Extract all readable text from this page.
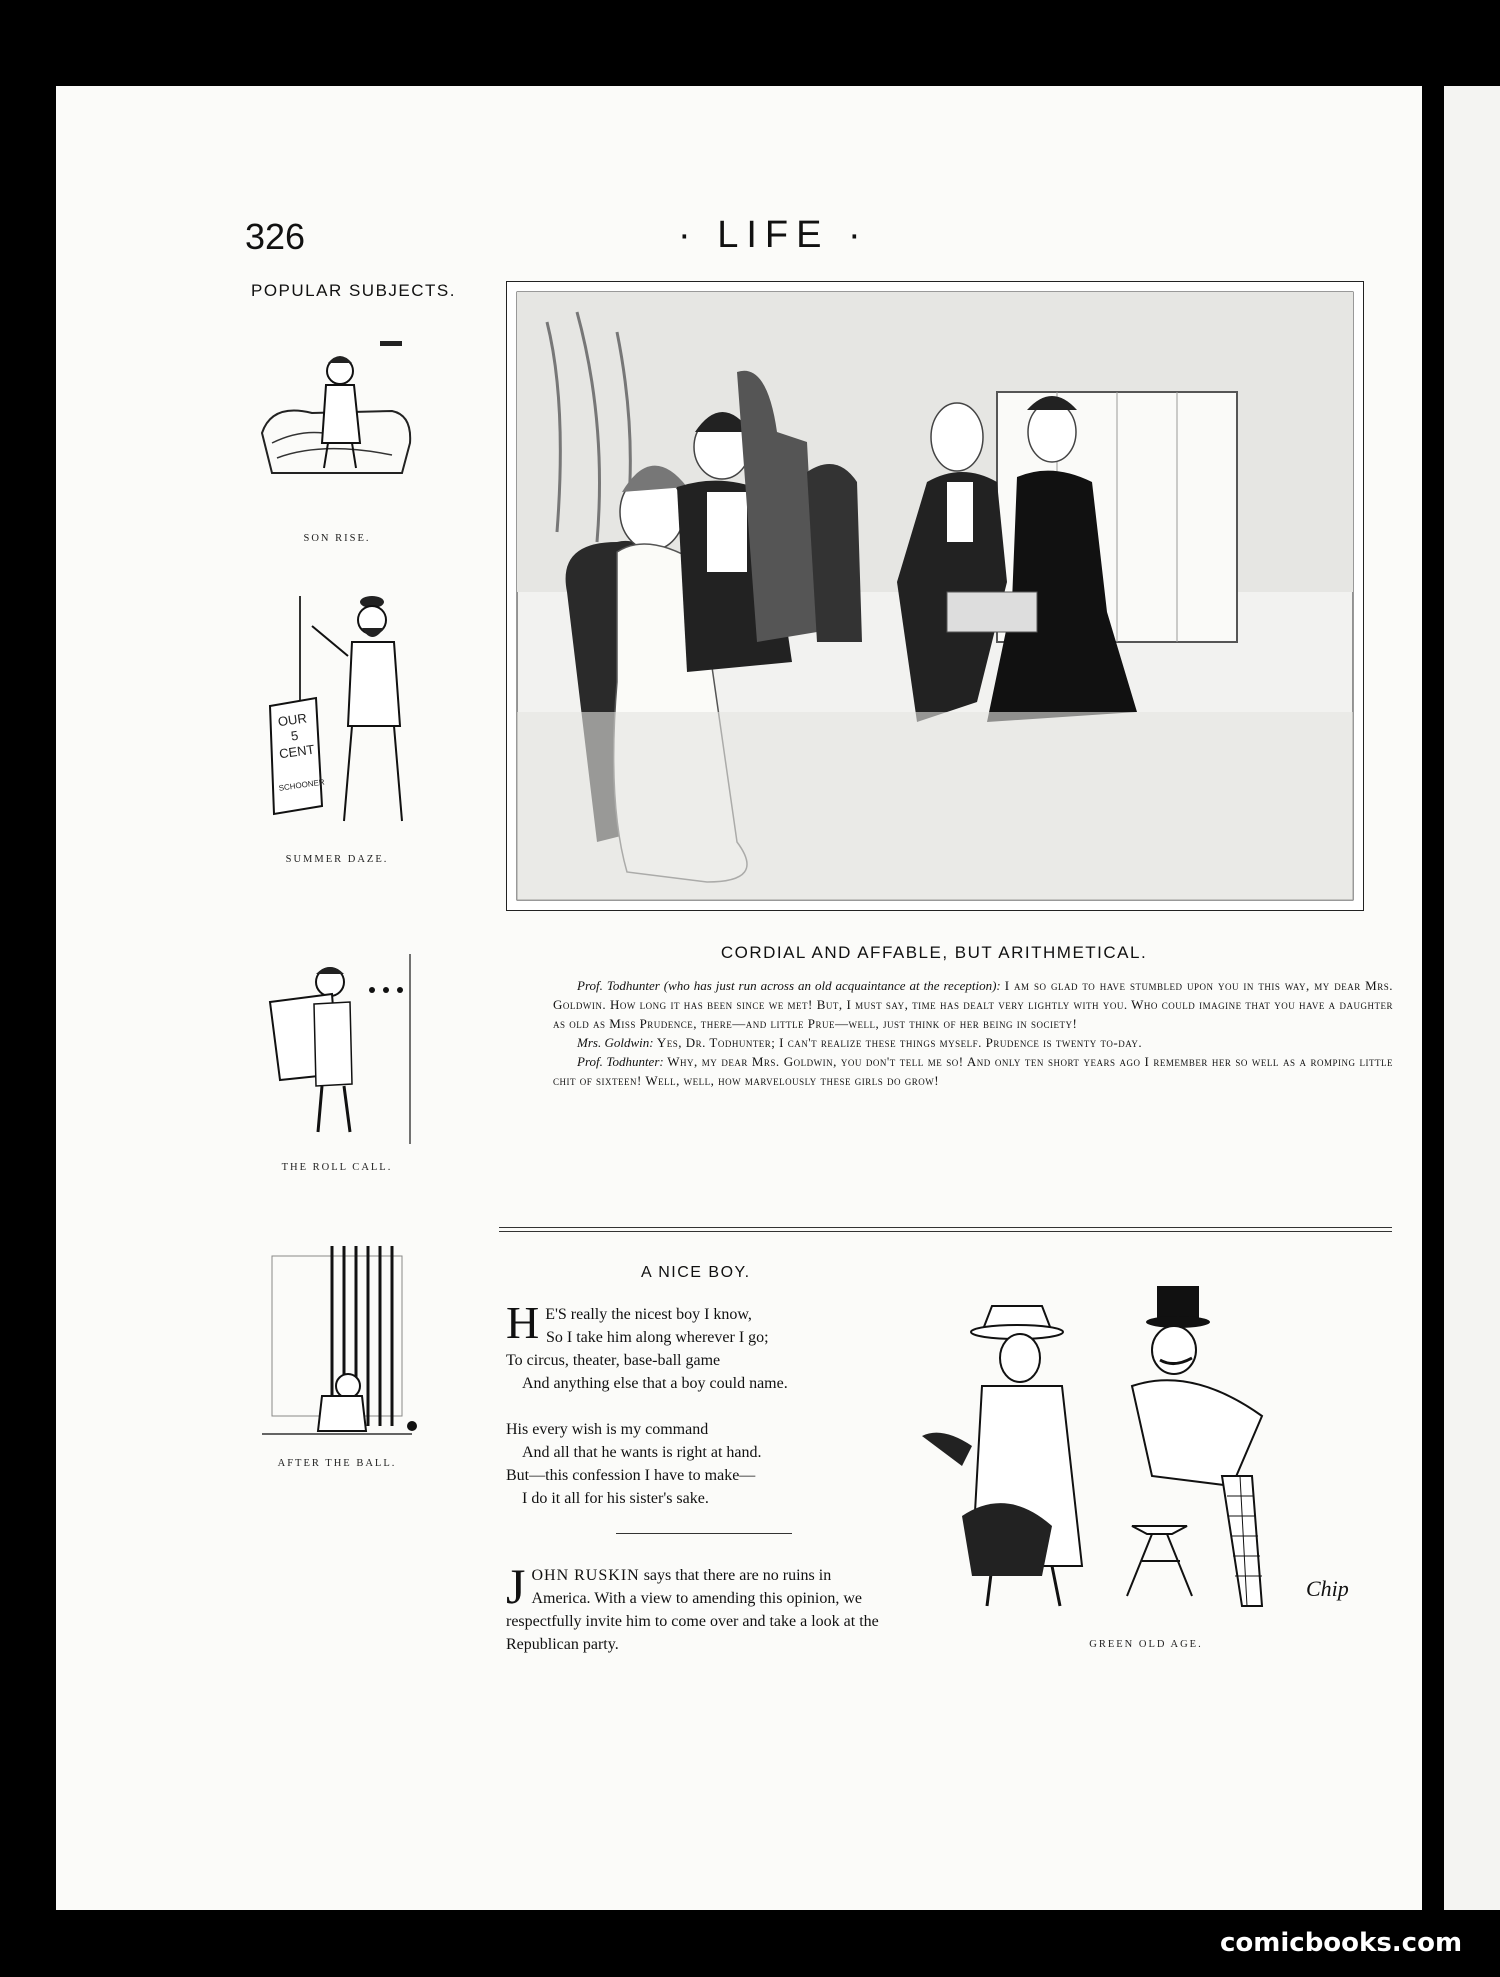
326	· LIFE ·
POPULAR SUBJECTS.
SON RISE.
OUR
5
CENT
SCHOONER
SUMMER DAZE.
THE ROLL CALL.
AFTER THE BALL.
CORDIAL AND AFFABLE, BUT ARITHMETICAL.

Prof. Todhunter (who has just run across an old acquaintance at the reception): I am so glad to have stumbled upon you in this way, my dear Mrs. Goldwin. How long it has been since we met! But, I must say, time has dealt very lightly with you. Who could imagine that you have a daughter as old as Miss Prudence, there—and little Prue—well, just think of her being in society!

Mrs. Goldwin: Yes, Dr. Todhunter; I can't realize these things myself. Prudence is twenty to-day.

Prof. Todhunter: Why, my dear Mrs. Goldwin, you don't tell me so! And only ten short years ago I remember her so well as a romping little chit of sixteen! Well, well, how marvelously these girls do grow!

A NICE BOY.
H E'S really the nicest boy I know,
So I take him along wherever I go;
To circus, theater, base-ball game
And anything else that a boy could name.
His every wish is my command
And all that he wants is right at hand.
But—this confession I have to make—
I do it all for his sister's sake.
JOHN RUSKIN says that there are no ruins in America. With a view to amending this opinion, we respectfully invite him to come over and take a look at the Republican party.
Chip
GREEN OLD AGE.
comicbooks.com
